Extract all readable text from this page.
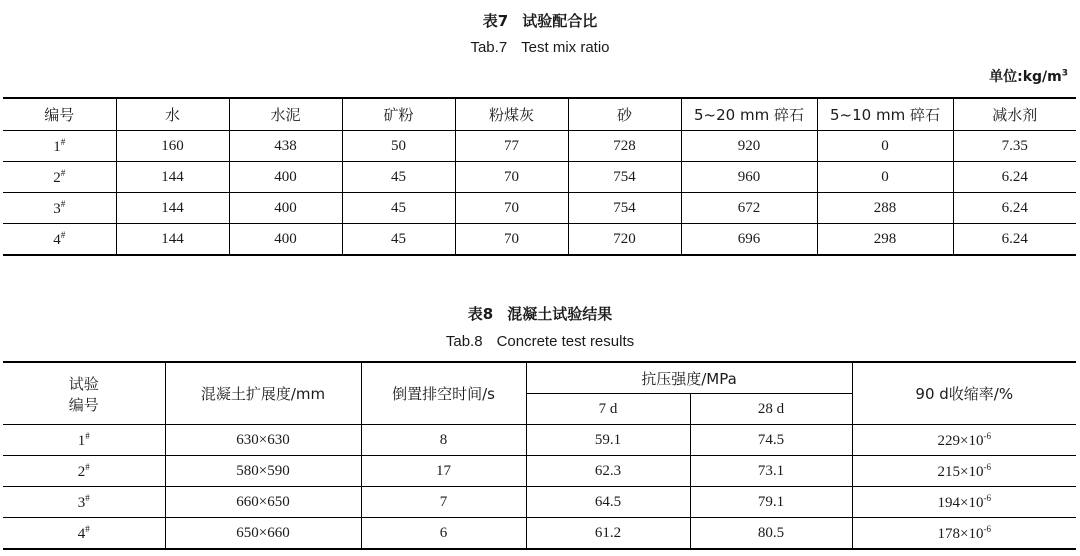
表7 试验配合比
Tab.7 Test mix ratio
单位$:kg/m^3$
编号	水	水泥	矿粉	粉煤灰	砂	5~20 mm 碎石	5~10 mm 碎石	减水剂
1#	160	438	50	77	728	920	0	7.35
2#	144	400	45	70	754	960	0	6.24
3#	144	400	45	70	754	672	288	6.24
4#	144	400	45	70	720	696	298	6.24
表8 混凝土试验结果
Tab.8 Concrete test results
试验
编号	混凝土扩展度/mm	倒置排空时间/s	抗压强度/MPa		90 d收缩率/%
			7 d	28 d	
1#	630×630	8	59.1	74.5	$229\times 10^{-6}$
2#	580×590	17	62.3	73.1	$215\times 10^{-6}$
3#	660×650	7	64.5	79.1	$194\times 10^{-6}$
4#	650×660	6	61.2	80.5	$178\times 10^{-6}$
